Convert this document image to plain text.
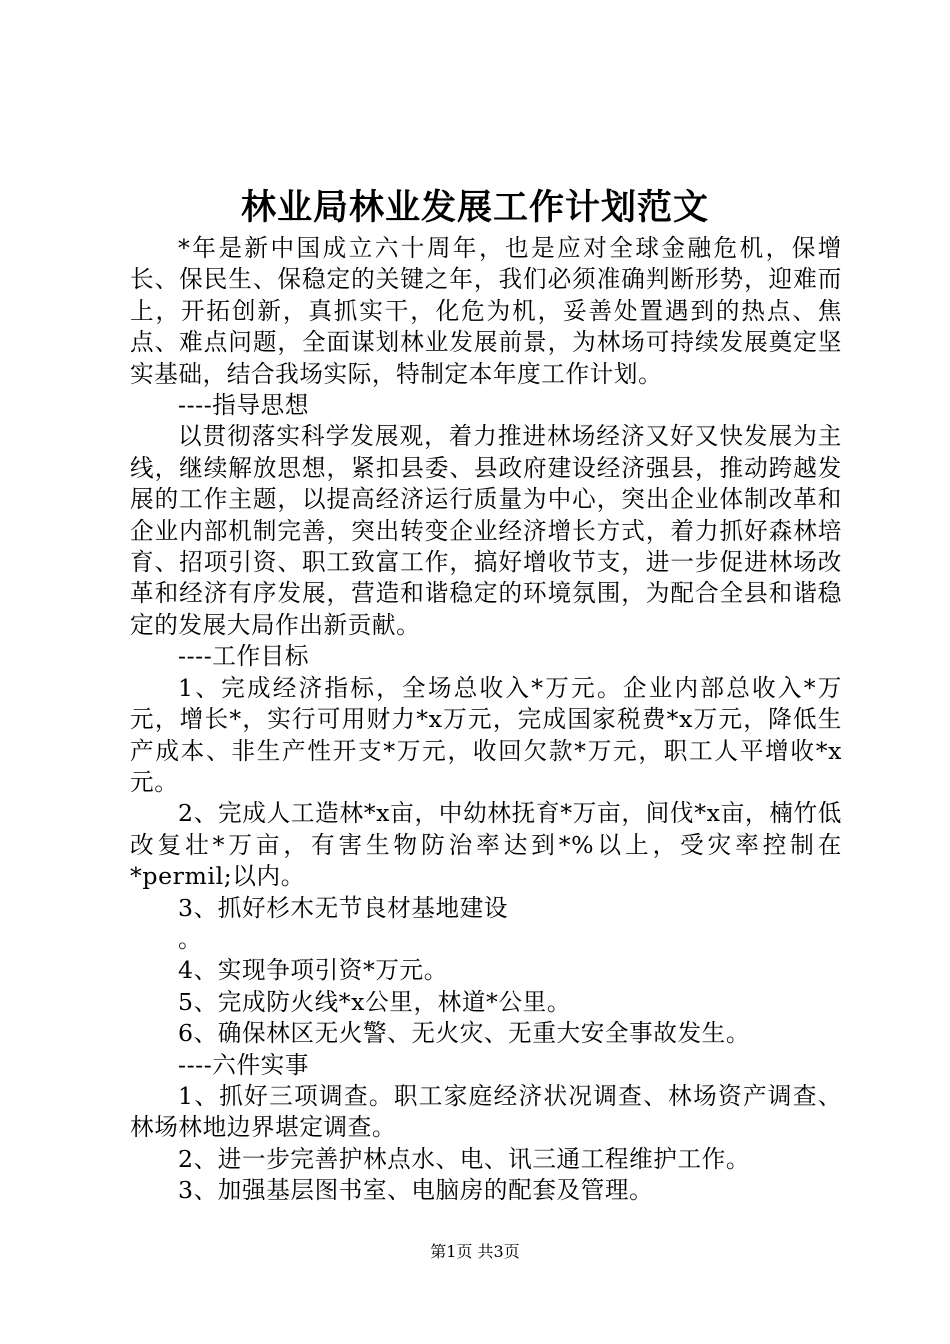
林业局林业发展工作计划范文

*年是新中国成立六十周年，也是应对全球金融危机，保增长、保民生、保稳定的关键之年，我们必须准确判断形势，迎难而上，开拓创新，真抓实干，化危为机，妥善处置遇到的热点、焦点、难点问题，全面谋划林业发展前景，为林场可持续发展奠定坚实基础，结合我场实际，特制定本年度工作计划。

----指导思想

以贯彻落实科学发展观，着力推进林场经济又好又快发展为主线，继续解放思想，紧扣县委、县政府建设经济强县，推动跨越发展的工作主题，以提高经济运行质量为中心，突出企业体制改革和企业内部机制完善，突出转变企业经济增长方式，着力抓好森林培育、招项引资、职工致富工作，搞好增收节支，进一步促进林场改革和经济有序发展，营造和谐稳定的环境氛围，为配合全县和谐稳定的发展大局作出新贡献。

----工作目标

1、完成经济指标，全场总收入*万元。企业内部总收入*万元，增长*，实行可用财力*x万元，完成国家税费*x万元，降低生产成本、非生产性开支*万元，收回欠款*万元，职工人平增收*x元。

2、完成人工造林*x亩，中幼林抚育*万亩，间伐*x亩，楠竹低改复壮*万亩，有害生物防治率达到*%以上，受灾率控制在*permil;以内。

3、抓好杉木无节良材基地建设

。

4、实现争项引资*万元。

5、完成防火线*x公里，林道*公里。

6、确保林区无火警、无火灾、无重大安全事故发生。

----六件实事

1、抓好三项调查。职工家庭经济状况调查、林场资产调查、林场林地边界堪定调查。

2、进一步完善护林点水、电、讯三通工程维护工作。

3、加强基层图书室、电脑房的配套及管理。

第1页 共3页
